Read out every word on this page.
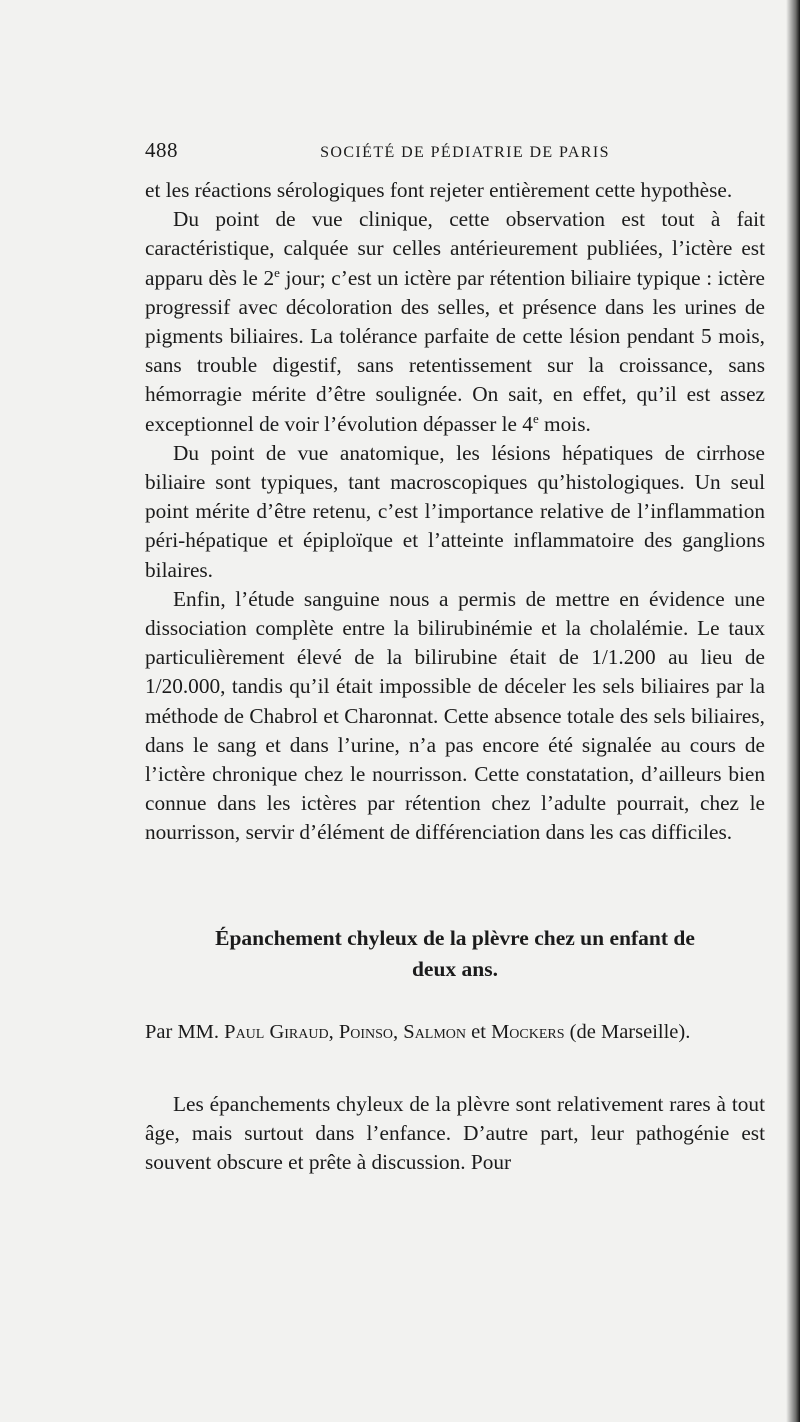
488	SOCIÉTÉ DE PÉDIATRIE DE PARIS

et les réactions sérologiques font rejeter entièrement cette hypothèse.

Du point de vue clinique, cette observation est tout à fait caractéristique, calquée sur celles antérieurement publiées, l’ictère est apparu dès le 2e jour; c’est un ictère par rétention biliaire typique : ictère progressif avec décoloration des selles, et présence dans les urines de pigments biliaires. La tolérance parfaite de cette lésion pendant 5 mois, sans trouble digestif, sans retentissement sur la croissance, sans hémorragie mérite d’être soulignée. On sait, en effet, qu’il est assez exceptionnel de voir l’évolution dépasser le 4e mois.

Du point de vue anatomique, les lésions hépatiques de cirrhose biliaire sont typiques, tant macroscopiques qu’histologiques. Un seul point mérite d’être retenu, c’est l’importance relative de l’inflammation péri-hépatique et épiploïque et l’atteinte inflammatoire des ganglions bilaires.

Enfin, l’étude sanguine nous a permis de mettre en évidence une dissociation complète entre la bilirubinémie et la cholalémie. Le taux particulièrement élevé de la bilirubine était de 1/1.200 au lieu de 1/20.000, tandis qu’il était impossible de déceler les sels biliaires par la méthode de Chabrol et Charonnat. Cette absence totale des sels biliaires, dans le sang et dans l’urine, n’a pas encore été signalée au cours de l’ictère chronique chez le nourrisson. Cette constatation, d’ailleurs bien connue dans les ictères par rétention chez l’adulte pourrait, chez le nourrisson, servir d’élément de différenciation dans les cas difficiles.

Épanchement chyleux de la plèvre chez un enfant de
deux ans.
Par MM. Paul Giraud, Poinso, Salmon et Mockers (de Marseille).

Les épanchements chyleux de la plèvre sont relativement rares à tout âge, mais surtout dans l’enfance. D’autre part, leur pathogénie est souvent obscure et prête à discussion. Pour
